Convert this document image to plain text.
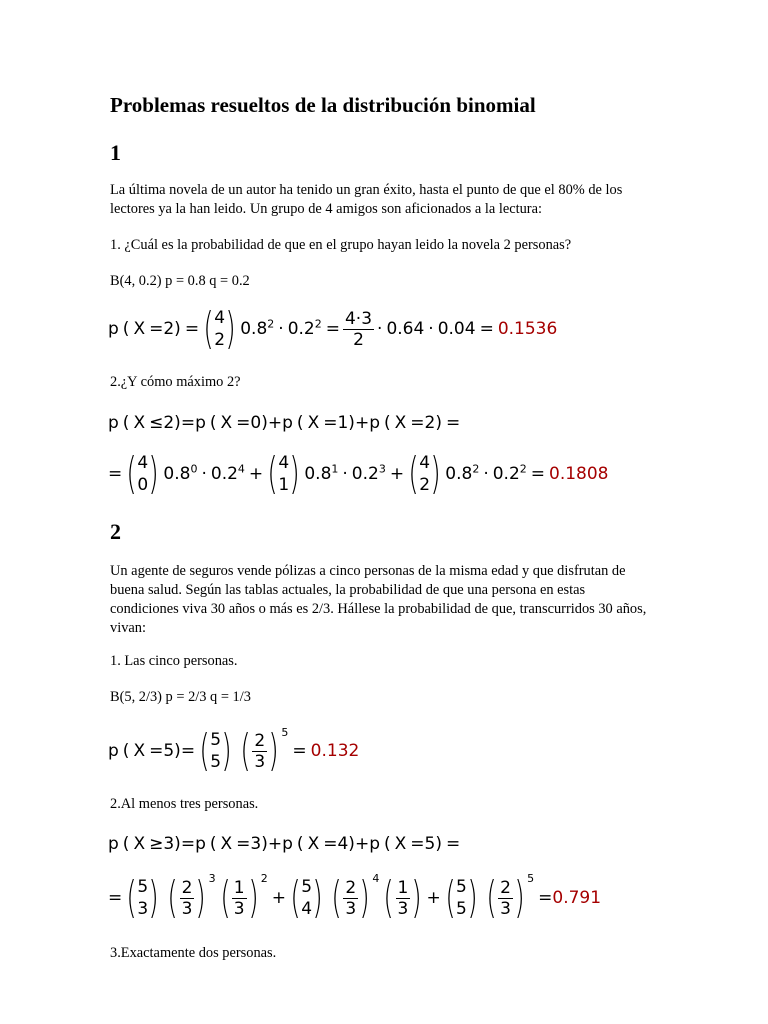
Problemas resueltos de la distribución binomial
1

La última novela de un autor ha tenido un gran éxito, hasta el punto de que el 80% de los lectores ya la han leido. Un grupo de 4 amigos son aficionados a la lectura:

1. ¿Cuál es la probabilidad de que en el grupo hayan leido la novela 2 personas?

B(4, 0.2) p = 0.8 q = 0.2

p ( X = 2 ) = ( 4
2 ) $0.8^2 \cdot 0.2^2 = \frac{4\cdot 3}{2} \cdot 0.64 \cdot 0.04 = 0.1536$

2.¿Y cómo máximo 2?

p ( X ≤ 2 ) = p ( X = 0 ) + p ( X = 1 ) + p ( X = 2 ) =
= ( 4
0 ) $0.8^0 \cdot 0.2^4$ + ( 4
1 ) $0.8^1 \cdot 0.2^3$ + ( 4
2 ) $0.8^2 \cdot 0.2^2 = 0.1808$
2

Un agente de seguros vende pólizas a cinco personas de la misma edad y que disfrutan de buena salud. Según las tablas actuales, la probabilidad de que una persona en estas condiciones viva 30 años o más es 2/3. Hállese la probabilidad de que, transcurridos 30 años, vivan:

1. Las cinco personas.

B(5, 2/3) p = 2/3 q = 1/3

p ( X = 5 ) = ( 5
5 ) ( $\frac{2}{3}$ ) 5
= 0.132

2.Al menos tres personas.

p ( X ≥ 3 ) = p ( X = 3 ) + p ( X = 4 ) + p ( X = 5 ) =
= ( 5
3 ) ( $\frac{2}{3}$ ) 3 ( $\frac{1}{3}$ ) 2
+ ( 5
4 ) ( $\frac{2}{3}$ ) 4 ( $\frac{1}{3}$ ) + ( 5
5 ) ( $\frac{2}{3}$ ) 5
= 0.791

3.Exactamente dos personas.
